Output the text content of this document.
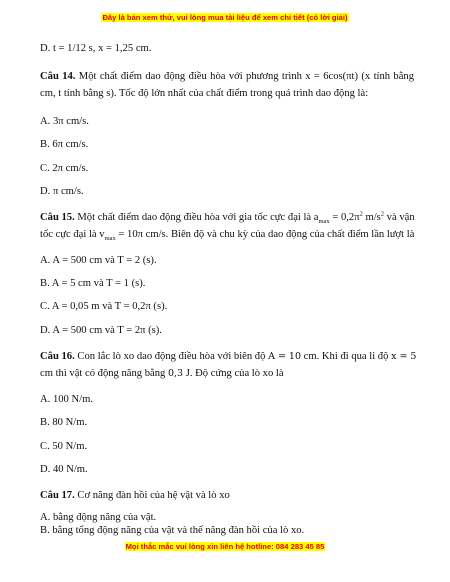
Đây là bản xem thử, vui lòng mua tài liệu để xem chi tiết (có lời giải)
D. t = 1/12 s, x = 1,25 cm.
Câu 14. Một chất điểm dao động điều hòa với phương trình x = 6cos(πt) (x tính bằng
cm, t tính bằng s). Tốc độ lớn nhất của chất điểm trong quá trình dao động là:
A. 3π cm/s.
B. 6π cm/s.
C. 2π cm/s.
D. π cm/s.
Câu 15. Một chất điểm dao động điều hòa với gia tốc cực đại là $a_{max} = 0,2\pi^2$ $m/s^2$ và vận
tốc cực đại là $v_{max} = 10\pi$ cm/s. Biên độ và chu kỳ của dao động của chất điểm lần lượt là
A. A = 500 cm và T = 2 (s).
B. A = 5 cm và T = 1 (s).
C. A = 0,05 m và T = 0,2π (s).
D. A = 500 cm và T = 2π (s).
Câu 16. Con lắc lò xo dao động điều hòa với biên độ A = 10 cm. Khi đi qua li độ x = 5
cm thì vật có động năng bằng 0,3 J. Độ cứng của lò xo là
A. 100 N/m.
B. 80 N/m.
C. 50 N/m.
D. 40 N/m.
Câu 17. Cơ năng đàn hồi của hệ vật và lò xo
A. bằng động năng của vật.
B. bằng tổng động năng của vật và thế năng đàn hồi của lò xo.
Mọi thắc mắc vui lòng xin liên hệ hotline: 084 283 45 85
